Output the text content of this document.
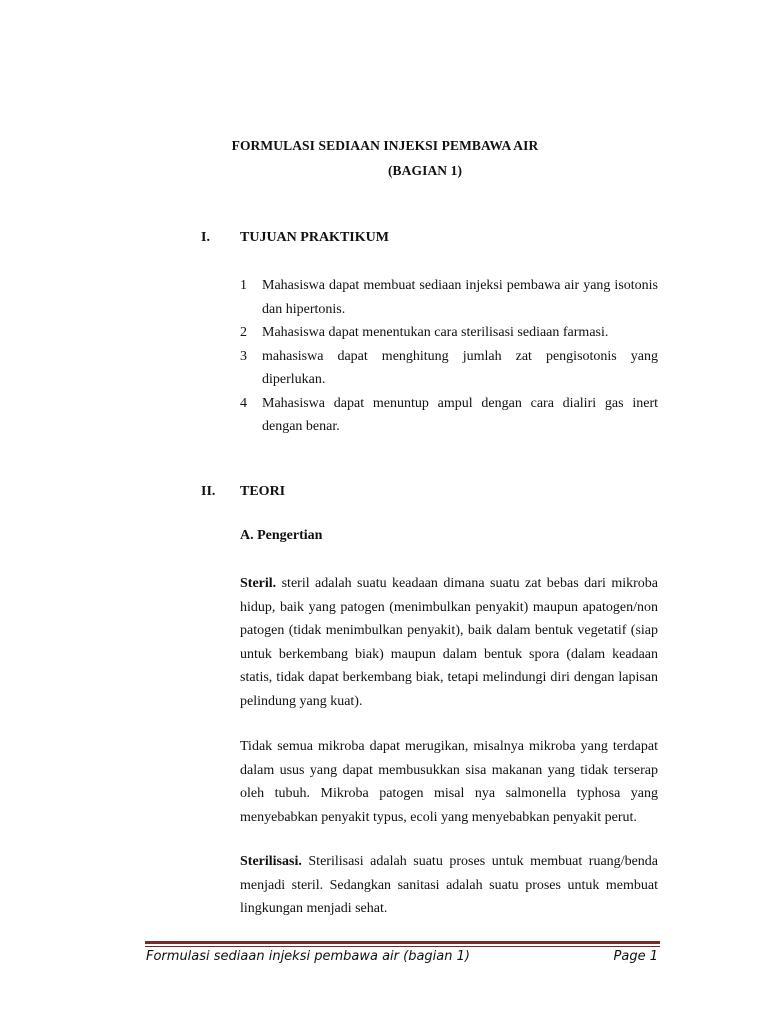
FORMULASI SEDIAAN INJEKSI PEMBAWA AIR
(BAGIAN 1)
I. TUJUAN PRAKTIKUM
1	Mahasiswa dapat membuat sediaan injeksi pembawa air yang isotonis dan hipertonis.
2	Mahasiswa dapat menentukan cara sterilisasi sediaan farmasi.
3	mahasiswa dapat menghitung jumlah zat pengisotonis yang diperlukan.
4	Mahasiswa dapat menuntup ampul dengan cara dialiri gas inert dengan benar.
II. TEORI
A. Pengertian

Steril. steril adalah suatu keadaan dimana suatu zat bebas dari mikroba hidup, baik yang patogen (menimbulkan penyakit) maupun apatogen/non patogen (tidak menimbulkan penyakit), baik dalam bentuk vegetatif (siap untuk berkembang biak) maupun dalam bentuk spora (dalam keadaan statis, tidak dapat berkembang biak, tetapi melindungi diri dengan lapisan pelindung yang kuat).

Tidak semua mikroba dapat merugikan, misalnya mikroba yang terdapat dalam usus yang dapat membusukkan sisa makanan yang tidak terserap oleh tubuh. Mikroba patogen misal nya salmonella typhosa yang menyebabkan penyakit typus, ecoli yang menyebabkan penyakit perut.

Sterilisasi. Sterilisasi adalah suatu proses untuk membuat ruang/benda menjadi steril. Sedangkan sanitasi adalah suatu proses untuk membuat lingkungan menjadi sehat.

Formulasi sediaan injeksi pembawa air (bagian 1)	Page 1
